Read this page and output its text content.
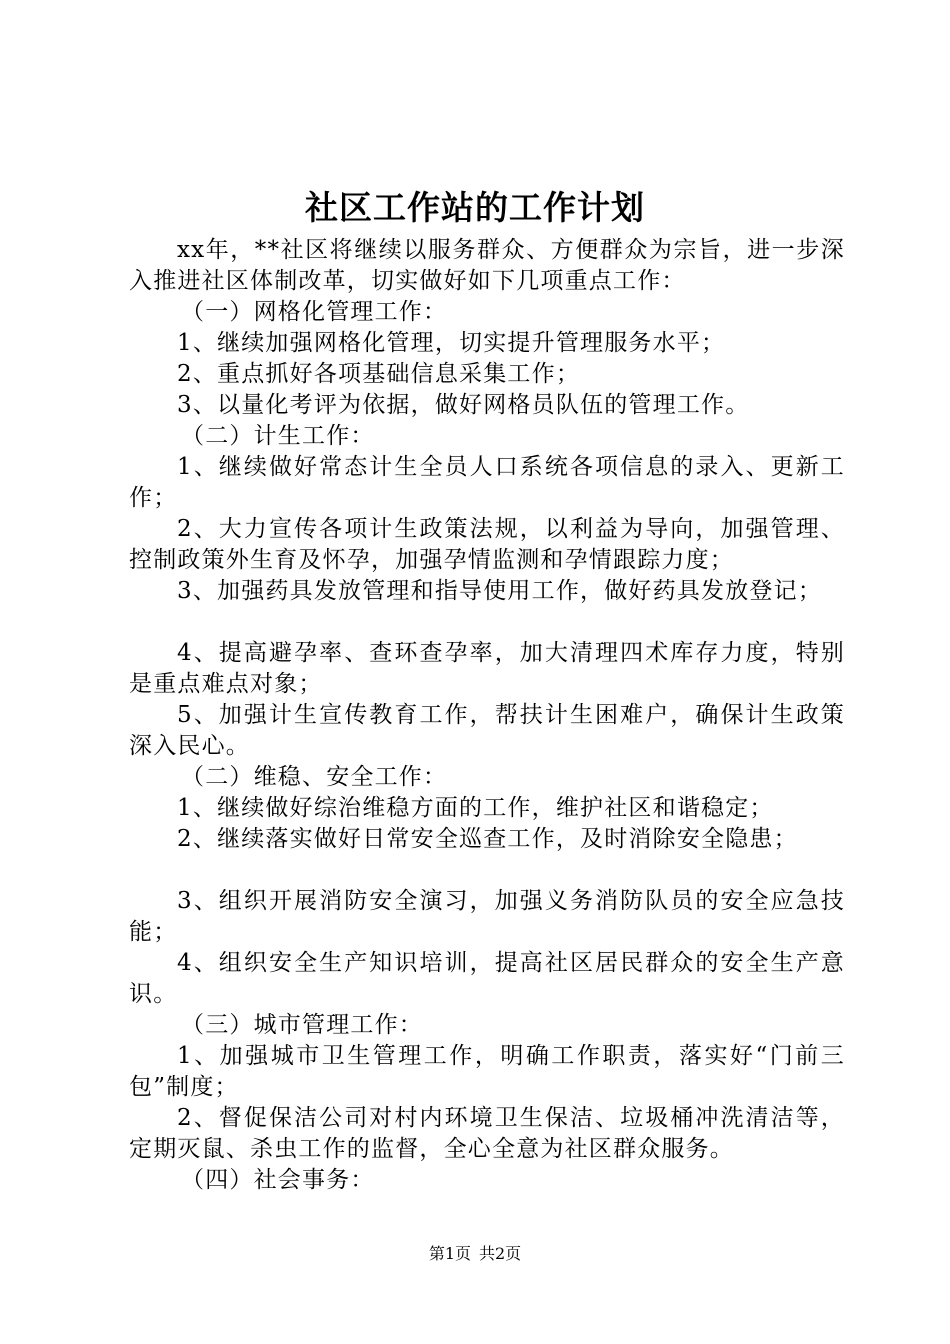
社区工作站的工作计划

xx年，**社区将继续以服务群众、方便群众为宗旨，进一步深入推进社区体制改革，切实做好如下几项重点工作：

（一）网格化管理工作：

1、继续加强网格化管理，切实提升管理服务水平；

2、重点抓好各项基础信息采集工作；

3、以量化考评为依据，做好网格员队伍的管理工作。

（二）计生工作：

1、继续做好常态计生全员人口系统各项信息的录入、更新工作；

2、大力宣传各项计生政策法规，以利益为导向，加强管理、控制政策外生育及怀孕，加强孕情监测和孕情跟踪力度；

3、加强药具发放管理和指导使用工作，做好药具发放登记；

4、提高避孕率、查环查孕率，加大清理四术库存力度，特别是重点难点对象；

5、加强计生宣传教育工作，帮扶计生困难户，确保计生政策深入民心。

（二）维稳、安全工作：

1、继续做好综治维稳方面的工作，维护社区和谐稳定；

2、继续落实做好日常安全巡查工作，及时消除安全隐患；

3、组织开展消防安全演习，加强义务消防队员的安全应急技能；

4、组织安全生产知识培训，提高社区居民群众的安全生产意识。

（三）城市管理工作：

1、加强城市卫生管理工作，明确工作职责，落实好“门前三包”制度；

2、督促保洁公司对村内环境卫生保洁、垃圾桶冲洗清洁等，定期灭鼠、杀虫工作的监督，全心全意为社区群众服务。

（四）社会事务：

第1页 共2页
